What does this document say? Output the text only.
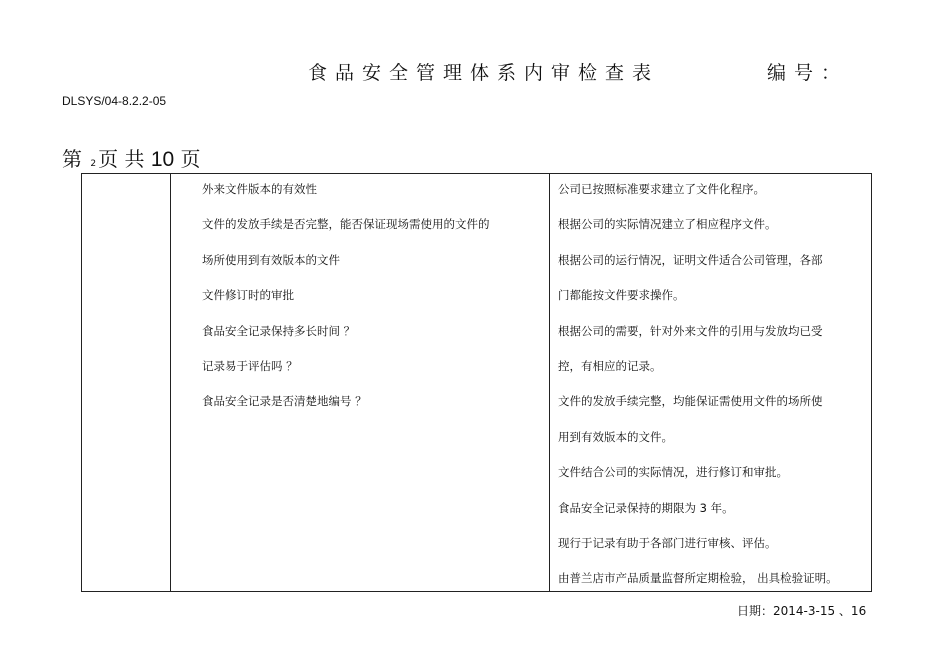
食品安全管理体系内审检查表	编号：
DLSYS/04-8.2.2-05
第 2 页 共 10 页
外来文件版本的有效性
文件的发放手续是否完整，能否保证现场需使用的文件的
场所使用到有效版本的文件
文件修订时的审批
食品安全记录保持多长时间 ？
记录易于评估吗 ？
食品安全记录是否清楚地编号 ？
公司已按照标准要求建立了文件化程序。
根据公司的实际情况建立了相应程序文件。
根据公司的运行情况，证明文件适合公司管理，各部
门都能按文件要求操作。
根据公司的需要，针对外来文件的引用与发放均已受
控，有相应的记录。
文件的发放手续完整，均能保证需使用文件的场所使
用到有效版本的文件。
文件结合公司的实际情况，进行修订和审批。
食品安全记录保持的期限为 3 年。
现行于记录有助于各部门进行审核、评估。
由普兰店市产品质量监督所定期检验， 出具检验证明。
日期：2014-3-15 、16
